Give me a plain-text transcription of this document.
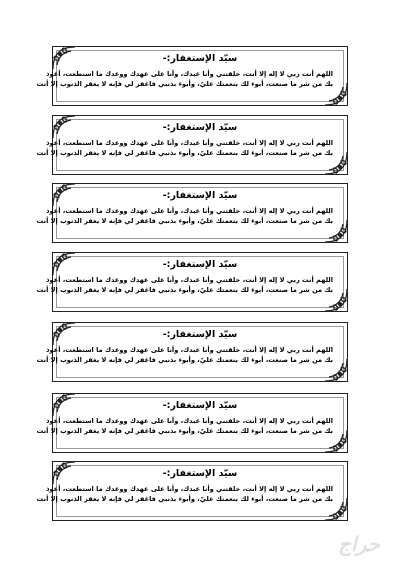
سيّد الإستغفار:-
اللهم أنت ربي لا إله إلا أنت، خلقتني وأنا عبدك، وأنا على عهدك ووعدك ما استطعت، أعوذ
بك من شر ما صنعت، أبوء لك بنعمتك عليّ، وأبوء بذنبي فاغفر لي فإنه لا يغفر الذنوب إلا أنت
سيّد الإستغفار:-
اللهم أنت ربي لا إله إلا أنت، خلقتني وأنا عبدك، وأنا على عهدك ووعدك ما استطعت، أعوذ
بك من شر ما صنعت، أبوء لك بنعمتك عليّ، وأبوء بذنبي فاغفر لي فإنه لا يغفر الذنوب إلا أنت
سيّد الإستغفار:-
اللهم أنت ربي لا إله إلا أنت، خلقتني وأنا عبدك، وأنا على عهدك ووعدك ما استطعت، أعوذ
بك من شر ما صنعت، أبوء لك بنعمتك عليّ، وأبوء بذنبي فاغفر لي فإنه لا يغفر الذنوب إلا أنت
سيّد الإستغفار:-
اللهم أنت ربي لا إله إلا أنت، خلقتني وأنا عبدك، وأنا على عهدك ووعدك ما استطعت، أعوذ
بك من شر ما صنعت، أبوء لك بنعمتك عليّ، وأبوء بذنبي فاغفر لي فإنه لا يغفر الذنوب إلا أنت
سيّد الإستغفار:-
اللهم أنت ربي لا إله إلا أنت، خلقتني وأنا عبدك، وأنا على عهدك ووعدك ما استطعت، أعوذ
بك من شر ما صنعت، أبوء لك بنعمتك عليّ، وأبوء بذنبي فاغفر لي فإنه لا يغفر الذنوب إلا أنت
سيّد الإستغفار:-
اللهم أنت ربي لا إله إلا أنت، خلقتني وأنا عبدك، وأنا على عهدك ووعدك ما استطعت، أعوذ
بك من شر ما صنعت، أبوء لك بنعمتك عليّ، وأبوء بذنبي فاغفر لي فإنه لا يغفر الذنوب إلا أنت
سيّد الإستغفار:-
اللهم أنت ربي لا إله إلا أنت، خلقتني وأنا عبدك، وأنا على عهدك ووعدك ما استطعت، أعوذ
بك من شر ما صنعت، أبوء لك بنعمتك عليّ، وأبوء بذنبي فاغفر لي فإنه لا يغفر الذنوب إلا أنت
حراج
